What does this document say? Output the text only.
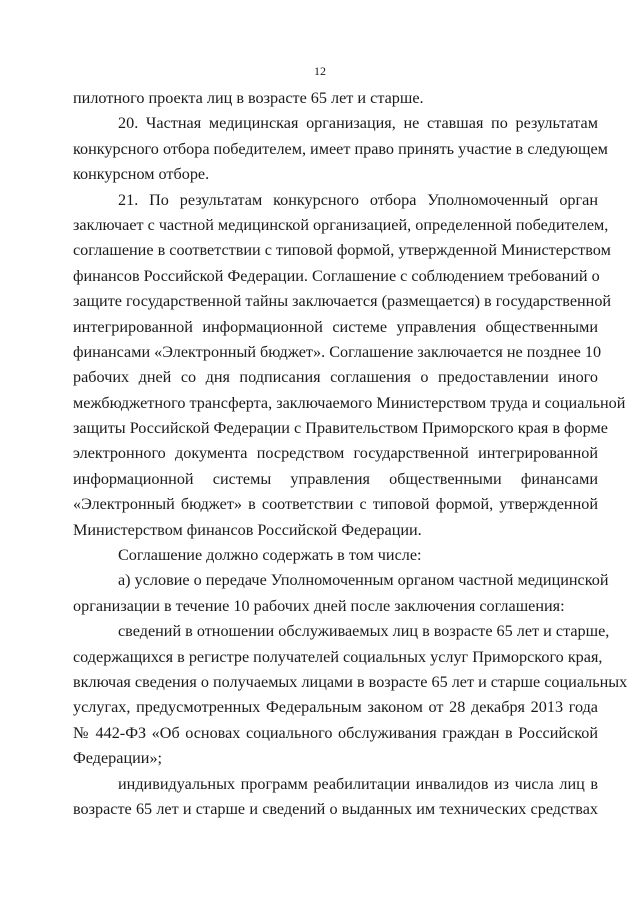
12
пилотного проекта лиц в возрасте 65 лет и старше.
20. Частная медицинская организация, не ставшая по результатам
конкурсного отбора победителем, имеет право принять участие в следующем
конкурсном отборе.
21. По результатам конкурсного отбора Уполномоченный орган
заключает с частной медицинской организацией, определенной победителем,
соглашение в соответствии с типовой формой, утвержденной Министерством
финансов Российской Федерации. Соглашение с соблюдением требований о
защите государственной тайны заключается (размещается) в государственной
интегрированной информационной системе управления общественными
финансами «Электронный бюджет». Соглашение заключается не позднее 10
рабочих дней со дня подписания соглашения о предоставлении иного
межбюджетного трансферта, заключаемого Министерством труда и социальной
защиты Российской Федерации с Правительством Приморского края в форме
электронного документа посредством государственной интегрированной
информационной системы управления общественными финансами
«Электронный бюджет» в соответствии с типовой формой, утвержденной
Министерством финансов Российской Федерации.
Соглашение должно содержать в том числе:
а) условие о передаче Уполномоченным органом частной медицинской
организации в течение 10 рабочих дней после заключения соглашения:
сведений в отношении обслуживаемых лиц в возрасте 65 лет и старше,
содержащихся в регистре получателей социальных услуг Приморского края,
включая сведения о получаемых лицами в возрасте 65 лет и старше социальных
услугах, предусмотренных Федеральным законом от 28 декабря 2013 года
№ 442-ФЗ «Об основах социального обслуживания граждан в Российской
Федерации»;
индивидуальных программ реабилитации инвалидов из числа лиц в
возрасте 65 лет и старше и сведений о выданных им технических средствах
